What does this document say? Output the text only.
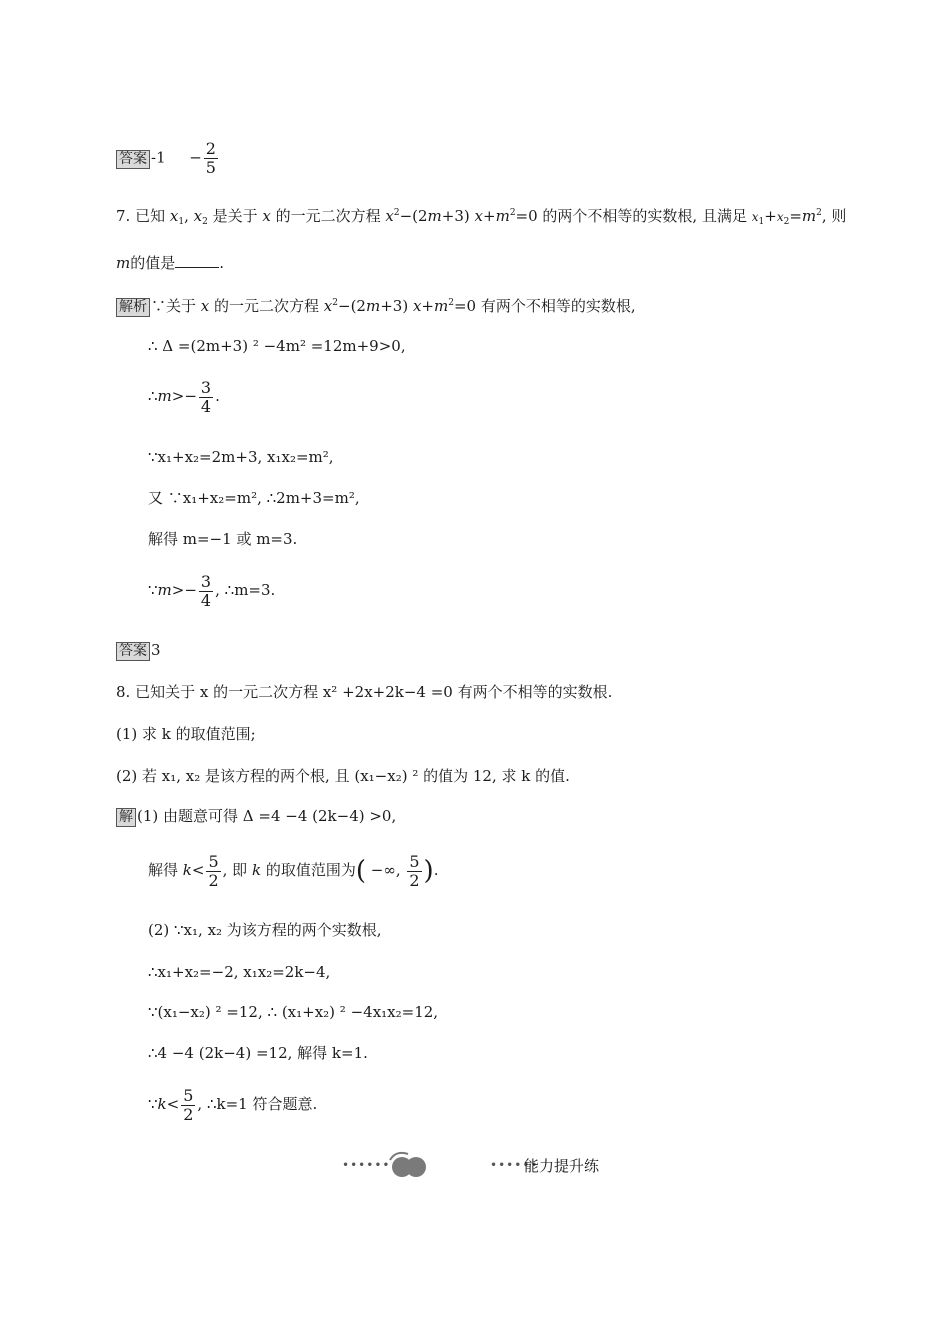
答案 $-1 - \frac{2}{5}$
7. 已知 $x_1$, $x_2$ 是关于 x 的一元二次方程 $x^2-(2m+3)$ $x+m^2=0$ 的两个不相等的实数根, 且满足 $x_1+x_2=m^2$, 则
m的值是	.
解析 ∵关于 x 的一元二次方程 $x^2-(2m+3)$ $x+m^2=0$ 有两个不相等的实数根,
∴ Δ =(2m+3) ² −4m² =12m+9>0,
∴m>− $\frac{3}{4}$ .
∵x₁+x₂=2m+3, x₁x₂=m²,
又 ∵x₁+x₂=m², ∴2m+3=m²,
解得 m=−1 或 m=3.
∵m>− $\frac{3}{4}$ , ∴m=3.
答案 3
8. 已知关于 x 的一元二次方程 x² +2x+2k−4 =0 有两个不相等的实数根.
(1) 求 k 的取值范围;
(2) 若 x₁, x₂ 是该方程的两个根, 且 (x₁−x₂) ² 的值为 12, 求 k 的值.
解 (1) 由题意可得 Δ =4 −4 (2k−4) >0,
解得 $k< \frac{5}{2}$ , 即 k 的取值范围为( −∞, $\frac{5}{2}$ ).
(2) ∵x₁, x₂ 为该方程的两个实数根,
∴x₁+x₂=−2, x₁x₂=2k−4,
∵(x₁−x₂) ² =12, ∴ (x₁+x₂) ² −4x₁x₂=12,
∴4 −4 (2k−4) =12, 解得 k=1.
∵k< $\frac{5}{2}$ , ∴k=1 符合题意.
••••••	••••••
能力提升练
